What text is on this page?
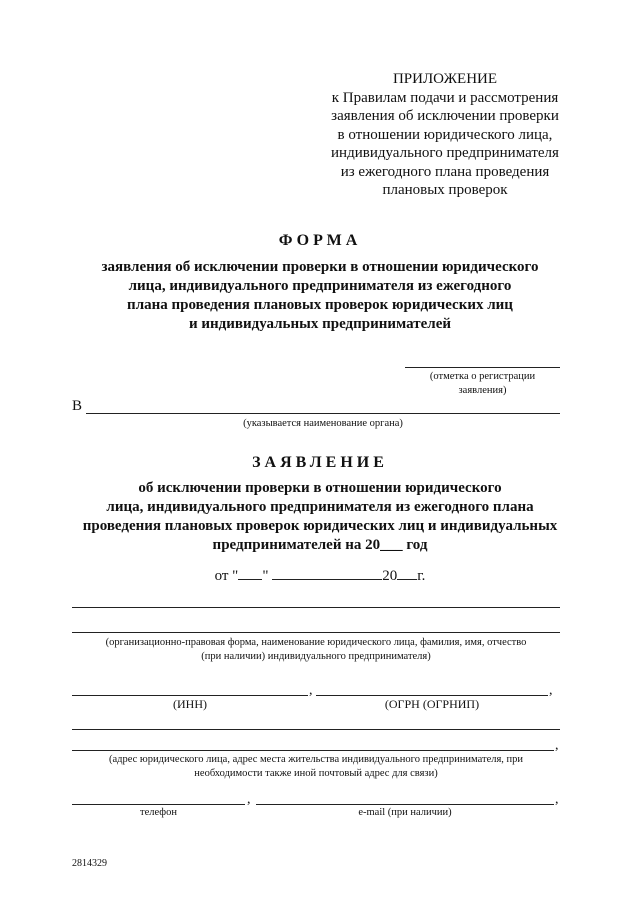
ПРИЛОЖЕНИЕ
к Правилам подачи и рассмотрения
заявления об исключении проверки
в отношении юридического лица,
индивидуального предпринимателя
из ежегодного плана проведения
плановых проверок
ФОРМА
заявления об исключении проверки в отношении юридического
лица, индивидуального предпринимателя из ежегодного
плана проведения плановых проверок юридических лиц
и индивидуальных предпринимателей
(отметка о регистрации
заявления)
В
(указывается наименование органа)
ЗАЯВЛЕНИЕ
об исключении проверки в отношении юридического
лица, индивидуального предпринимателя из ежегодного плана
проведения плановых проверок юридических лиц и индивидуальных
предпринимателей на 20___ год
от " "	20 г.
(организационно-правовая форма, наименование юридического лица, фамилия, имя, отчество
(при наличии) индивидуального предпринимателя)
,	,
(ИНН)	(ОГРН (ОГРНИП)
,
(адрес юридического лица, адрес места жительства индивидуального предпринимателя, при
необходимости также иной почтовый адрес для связи)
,	,
телефон	e-mail (при наличии)
2814329
